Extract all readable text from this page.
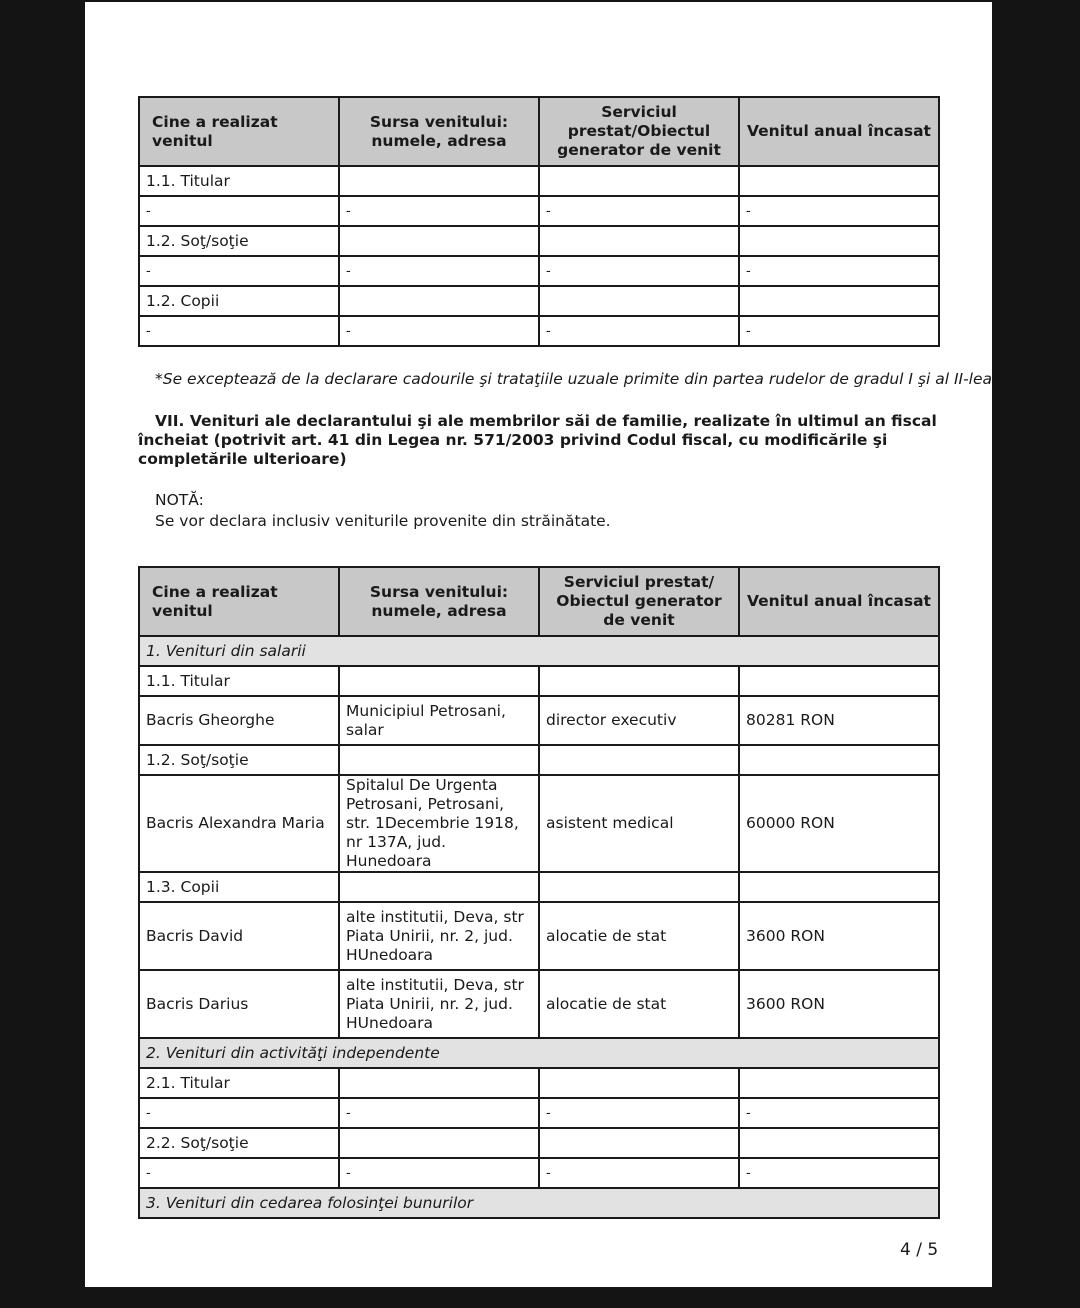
Cine a realizat venitul	Sursa venitului: numele, adresa	Serviciul prestat/Obiectul generator de venit	Venitul anual încasat
1.1. Titular			
-	-	-	-
1.2. Soţ/soţie			
-	-	-	-
1.2. Copii			
-	-	-	-
*Se exceptează de la declarare cadourile şi trataţiile uzuale primite din partea rudelor de gradul I şi al II-lea.
VII. Venituri ale declarantului şi ale membrilor săi de familie, realizate în ultimul an fiscal încheiat (potrivit art. 41 din Legea nr. 571/2003 privind Codul fiscal, cu modificările şi completările ulterioare)
NOTĂ:
Se vor declara inclusiv veniturile provenite din străinătate.
Cine a realizat venitul	Sursa venitului: numele, adresa	Serviciul prestat/ Obiectul generator de venit	Venitul anual încasat
1. Venituri din salarii			
1.1. Titular			
Bacris Gheorghe	Municipiul Petrosani, salar	director executiv	80281 RON
1.2. Soţ/soţie			
Bacris Alexandra Maria	Spitalul De Urgenta Petrosani, Petrosani, str. 1Decembrie 1918, nr 137A, jud. Hunedoara	asistent medical	60000 RON
1.3. Copii			
Bacris David	alte institutii, Deva, str Piata Unirii, nr. 2, jud. HUnedoara	alocatie de stat	3600 RON
Bacris Darius	alte institutii, Deva, str Piata Unirii, nr. 2, jud. HUnedoara	alocatie de stat	3600 RON
2. Venituri din activităţi independente			
2.1. Titular			
-	-	-	-
2.2. Soţ/soţie			
-	-	-	-
3. Venituri din cedarea folosinţei bunurilor			
4 / 5
